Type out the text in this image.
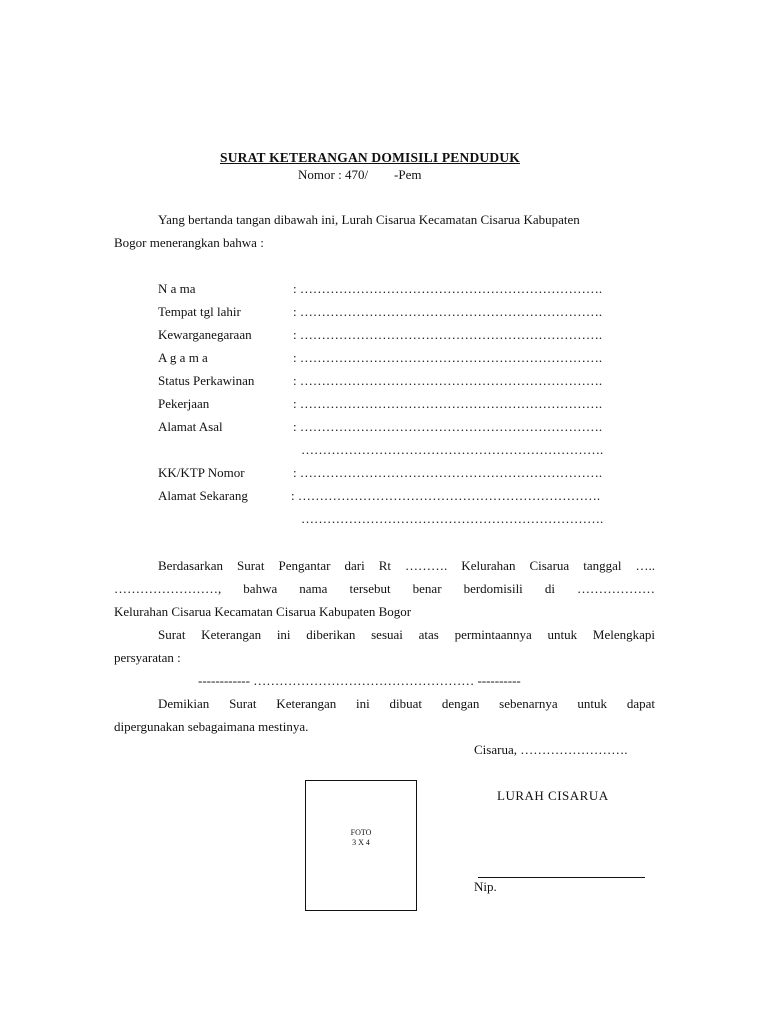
SURAT KETERANGAN DOMISILI PENDUDUK
Nomor : 470/        -Pem
Yang bertanda tangan dibawah ini, Lurah Cisarua Kecamatan Cisarua Kabupaten
Bogor menerangkan bahwa :
N a ma	: …………………………………………………………….
Tempat tgl lahir	: …………………………………………………………….
Kewarganegaraan	: …………………………………………………………….
A g a m a	: …………………………………………………………….
Status Perkawinan	: …………………………………………………………….
Pekerjaan	: …………………………………………………………….
Alamat Asal	: …………………………………………………………….
…………………………………………………………….
KK/KTP Nomor	: …………………………………………………………….
Alamat Sekarang	: …………………………………………………………….
…………………………………………………………….
Berdasarkan Surat Pengantar dari Rt ………. Kelurahan Cisarua tanggal …..
……………………, bahwa nama tersebut benar berdomisili di ………………
Kelurahan Cisarua Kecamatan Cisarua Kabupaten Bogor
Surat Keterangan ini diberikan sesuai atas permintaannya untuk Melengkapi
persyaratan :
------------ …………………………………………… ----------
Demikian Surat Keterangan ini dibuat dengan sebenarnya untuk dapat
dipergunakan sebagaimana mestinya.
Cisarua, …………………….
FOTO
3 X 4
LURAH CISARUA
Nip.
